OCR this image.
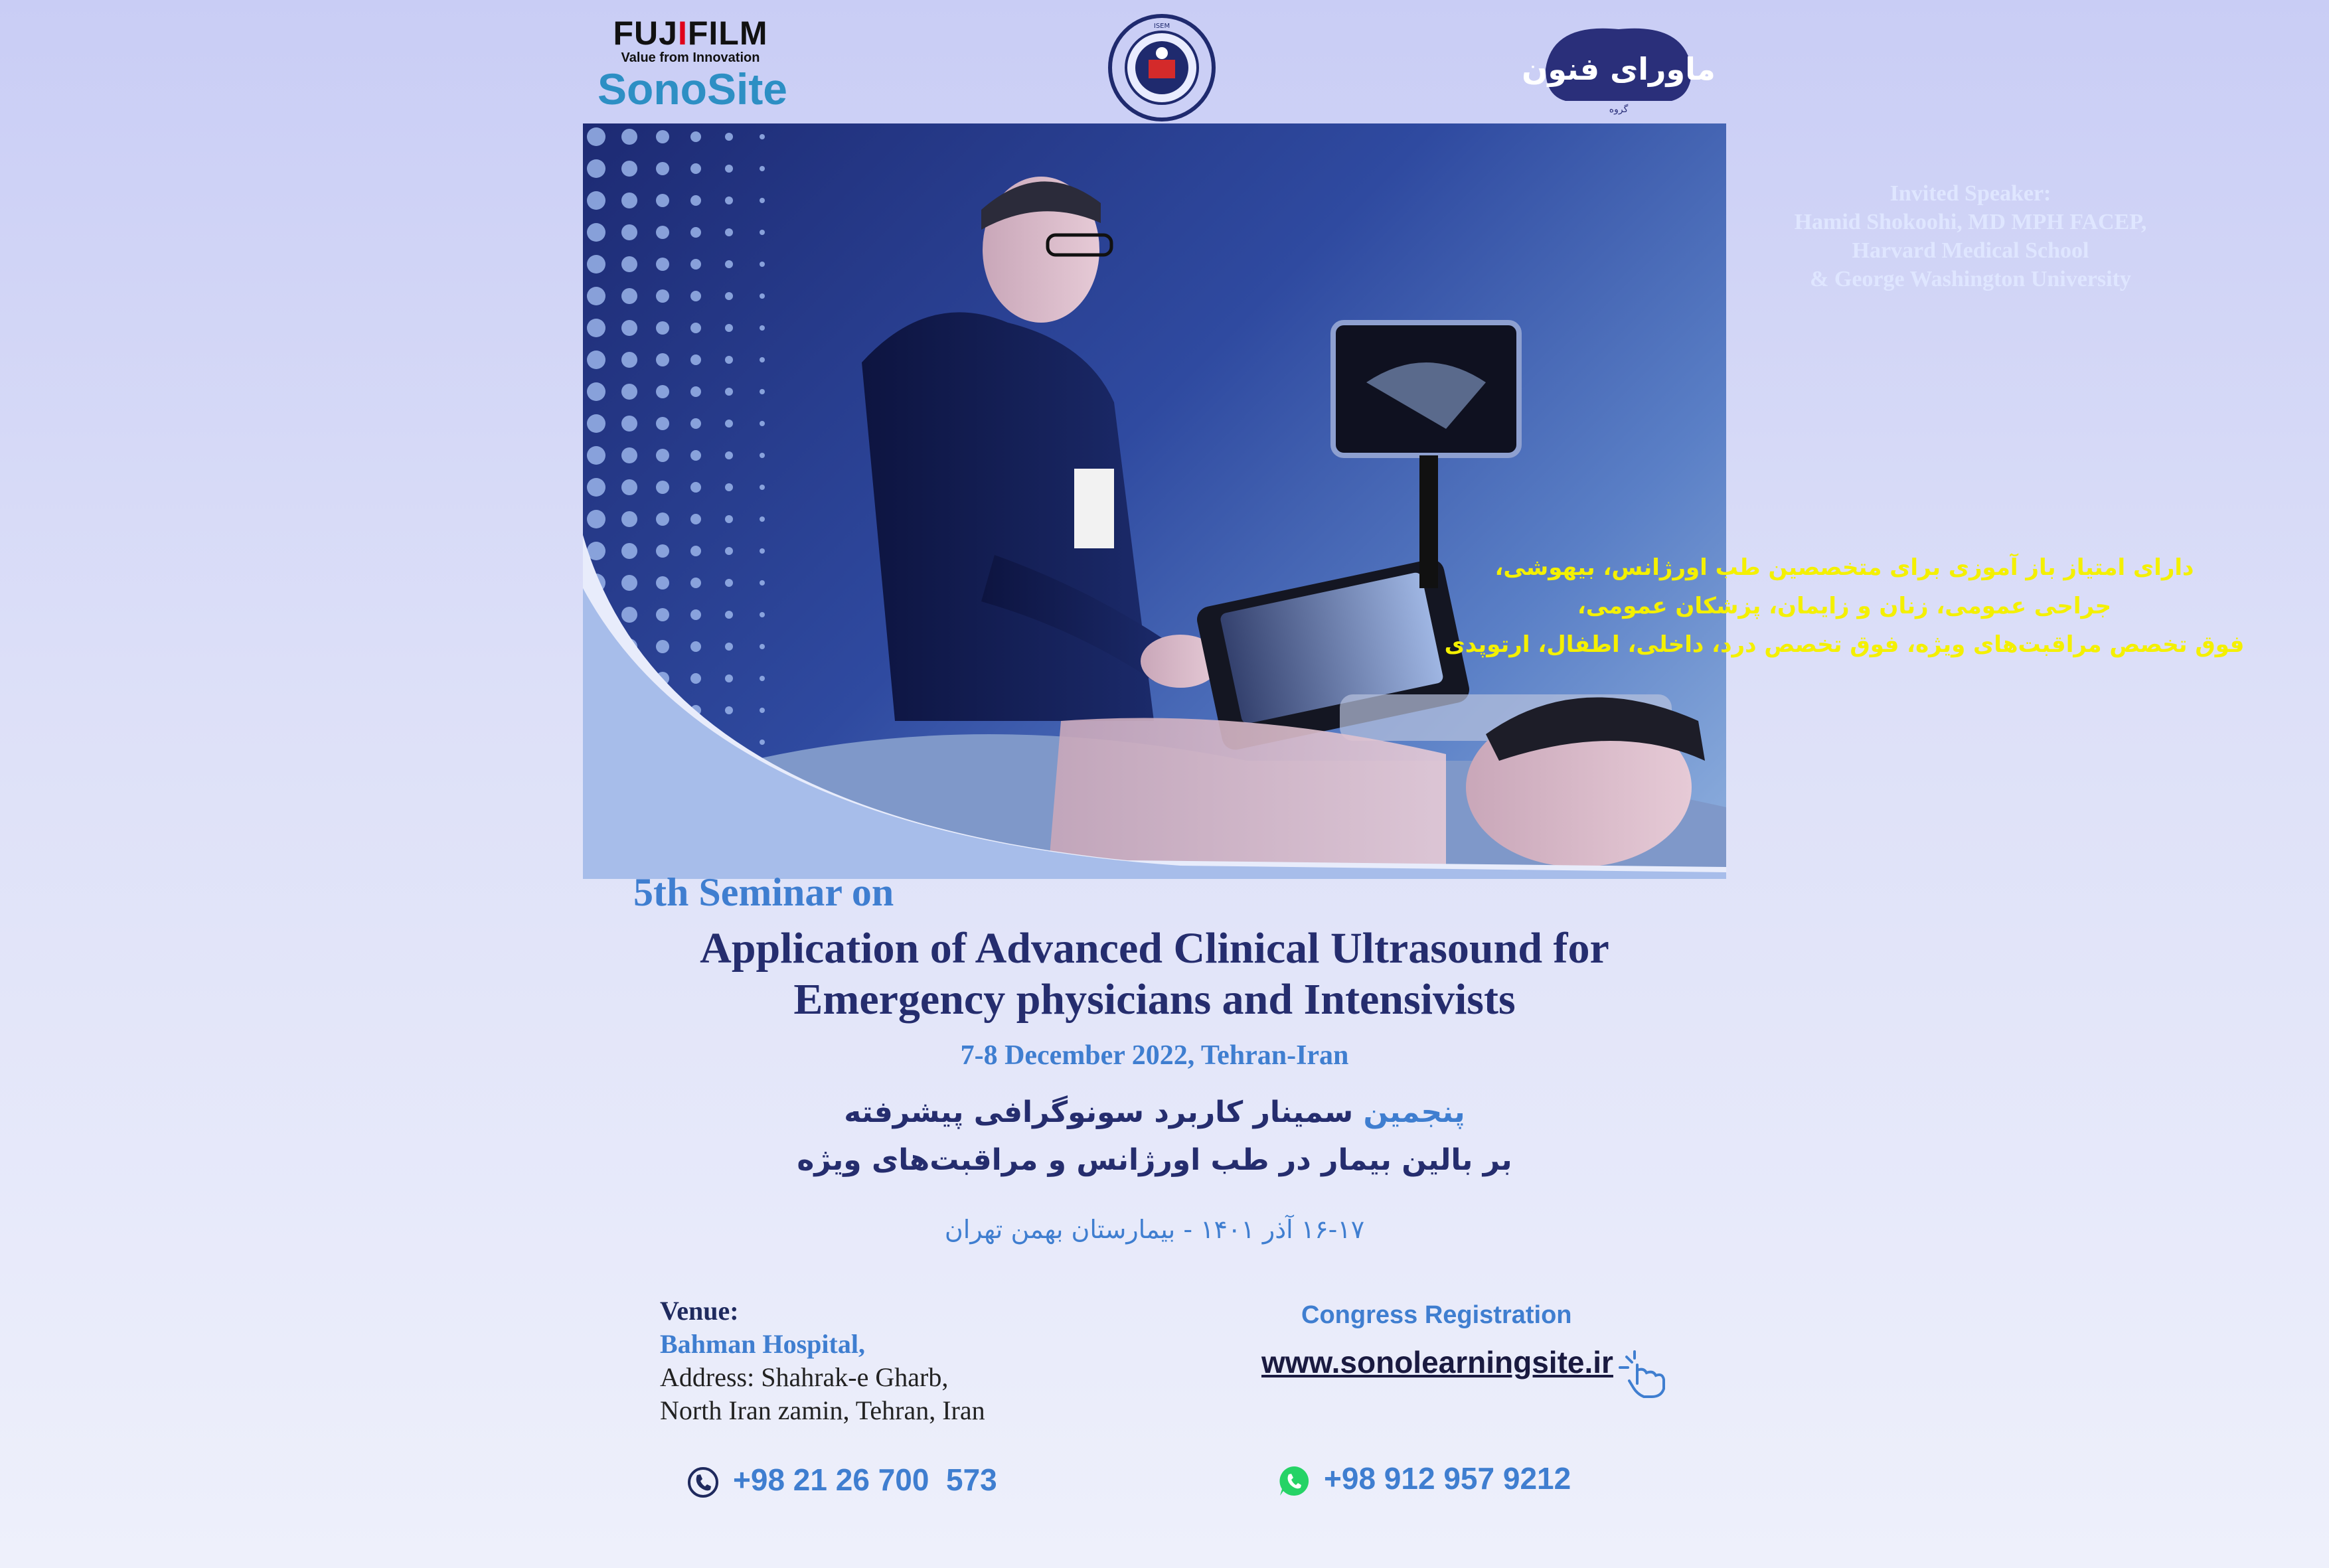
FUJIFILM
Value from Innovation
SonoSite
ISEM
ماورای فنون
گروه
Invited Speaker:
Hamid Shokoohi, MD MPH FACEP,
Harvard Medical School
& George Washington University
دارای امتیاز باز آموزی برای متخصصین طب اورژانس، بیهوشی،
جراحی عمومی، زنان و زایمان، پزشکان عمومی،
فوق تخصص مراقبت‌های ویژه، فوق تخصص درد، داخلی، اطفال، ارتوپدی
5th Seminar on
Application of Advanced Clinical Ultrasound for
Emergency physicians and Intensivists
7-8 December 2022, Tehran-Iran
پنجمین سمینار کاربرد سونوگرافی پیشرفته
بر بالین بیمار در طب اورژانس و مراقبت‌های ویژه
۱۶-۱۷ آذر ۱۴۰۱ - بیمارستان بهمن تهران
Venue:
Bahman Hospital,
Address: Shahrak-e Gharb,
North Iran zamin, Tehran, Iran
Congress Registration
www.sonolearningsite.ir
+98 21 26 700  573	+98 912 957 9212
